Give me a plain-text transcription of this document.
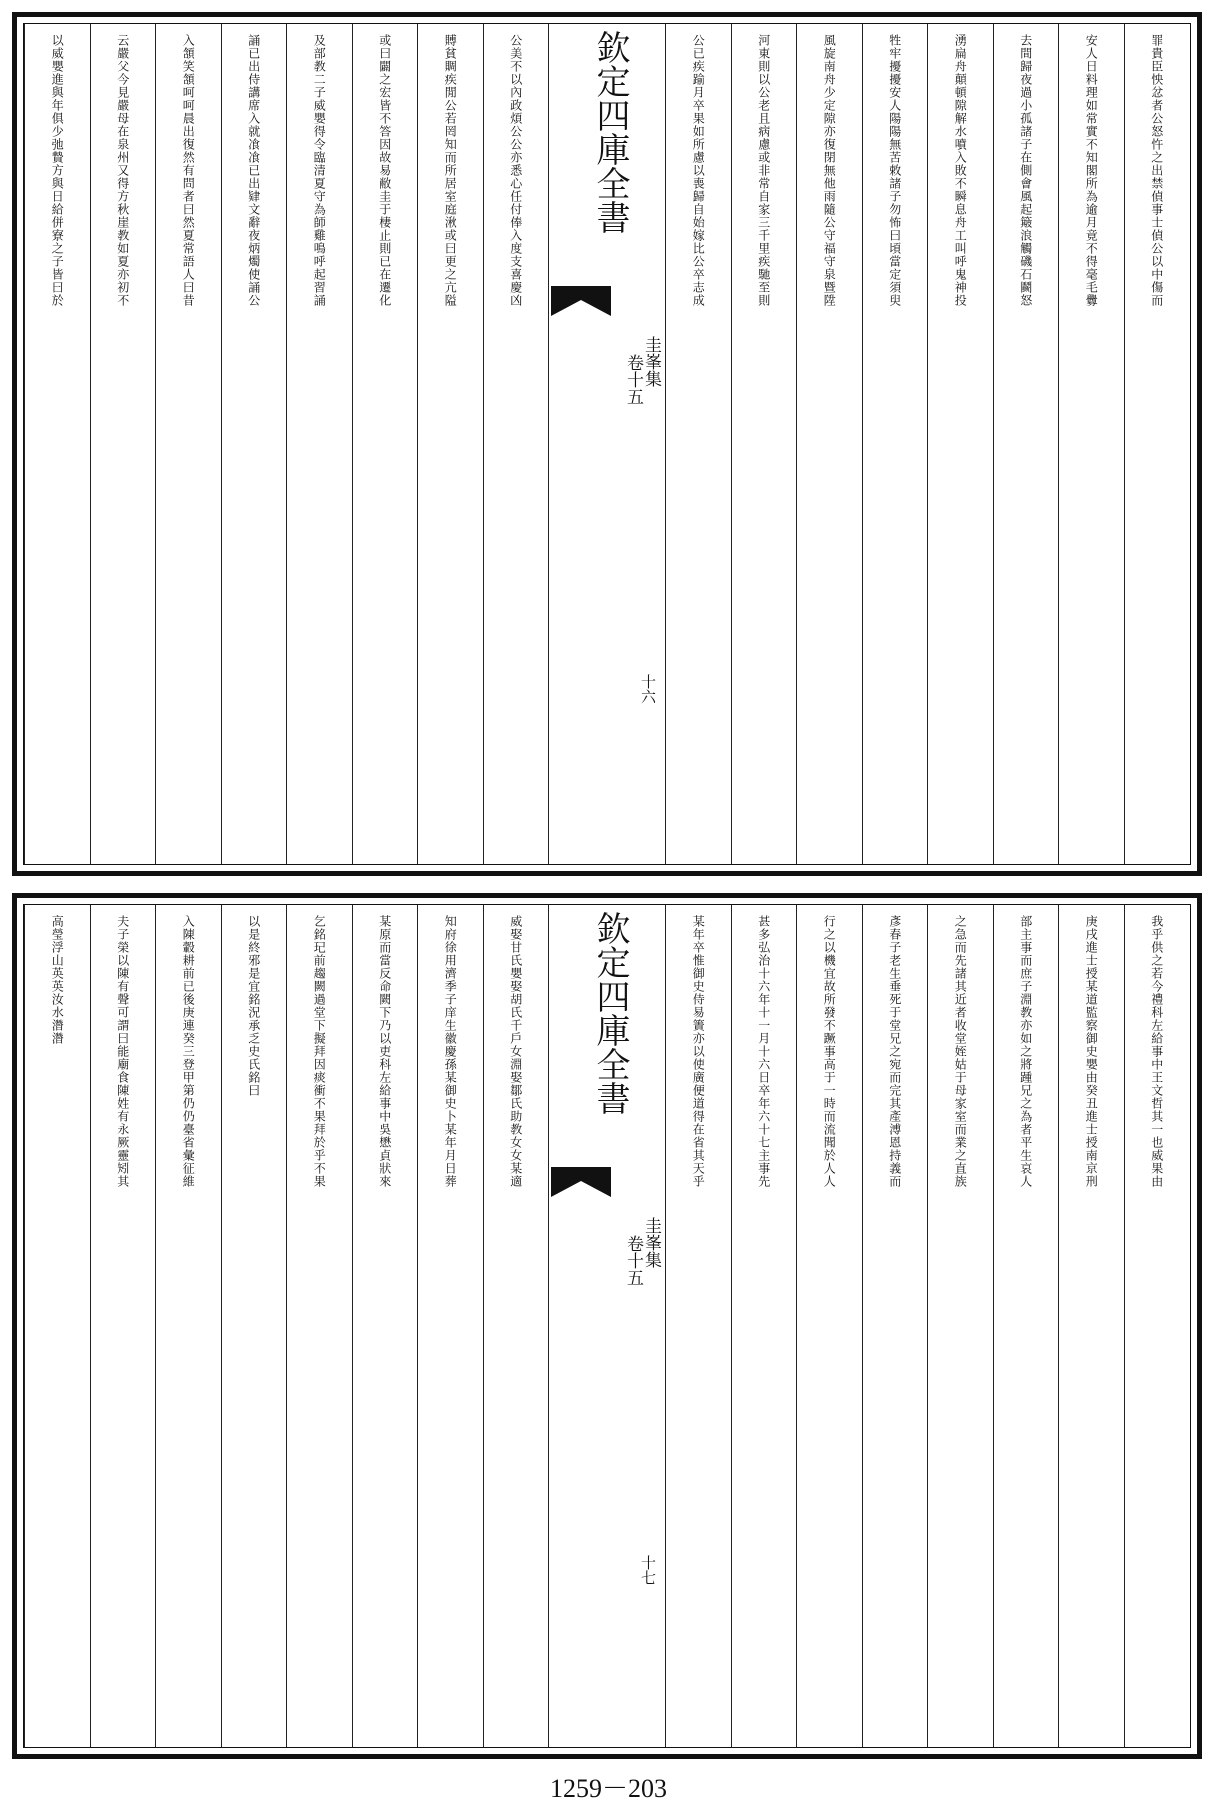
罪貴臣怏忿者公怒忤之出禁偵事士偵公以中傷而
安人日料理如常實不知閣所為逾月竟不得毫毛釁
去間歸夜過小孤諸子在側會風起簸浪觸磯石鬬怒
湧扁舟顛頓隙解水噴入敗不瞬息舟工叫呼鬼神投
牲牢擾擾安人陽陽無苦敕諸子勿怖曰頃當定須臾
風旋南舟少定隙亦復閉無他雨隨公守福守泉暨陞
河東則以公老且病慮或非常自家三千里疾馳至則
公已疾踰月卒果如所慮以喪歸自始嫁比公卒志成
欽定四庫全書
圭峯集
卷十五
十六
公美不以內政煩公公亦悉心任付俸入度支喜慶凶
賻貧賙疾閒公若罔知而所居室庭湫或曰更之亢隘
或曰闢之宏皆不答因故易敝圭于棲止則已在遷化
及部教二子威嬰得令臨清夏守為師雞鳴呼起習誦
誦已出侍講席入就飡飡已出肄文辭夜炳燭使誦公
入頷笑頷呵呵晨出復然有問者曰然夏常語人曰昔
云嚴父今見嚴母在泉州又得方秋崖教如夏亦初不
以威嬰進與年俱少弛贄方與日給併寮之子皆曰於
我乎供之若今禮科左給事中王文哲其一也威果由
庚戌進士授某道監察御史嬰由癸丑進士授南京刑
部主事而庶子淵教亦如之將踵兄之為者平生哀人
之急而先諸其近者收堂姪姑于母家室而業之直族
彥春子老生垂死于堂兄之宛而完其產溥恩持義而
行之以機宜故所發不蹶事高于一時而流聞於人人
甚多弘治十六年十一月十六日卒年六十七主事先
某年卒惟御史侍易簀亦以使廣便道得在省其天乎
欽定四庫全書
圭峯集
卷十五
十七
威娶甘氏嬰娶胡氏千戶女淵娶鄒氏助教女女某適
知府徐用濟季子庠生徽慶孫某御史卜某年月日葬
某原而當反命闕下乃以吏科左給事中吳懋貞狀來
乞銘玘前趨闕過堂下擬拜因痰衝不果拜於乎不果
以是終邪是宜銘況承乏史氏銘曰
入陳轂耕前已後庚連癸三登甲第仍仍臺省彙征維
夫子榮以陳有聲可謂曰能廟食陳姓有永厥靈矧其
高瑩浮山英英汝水濳濳
1259－203
